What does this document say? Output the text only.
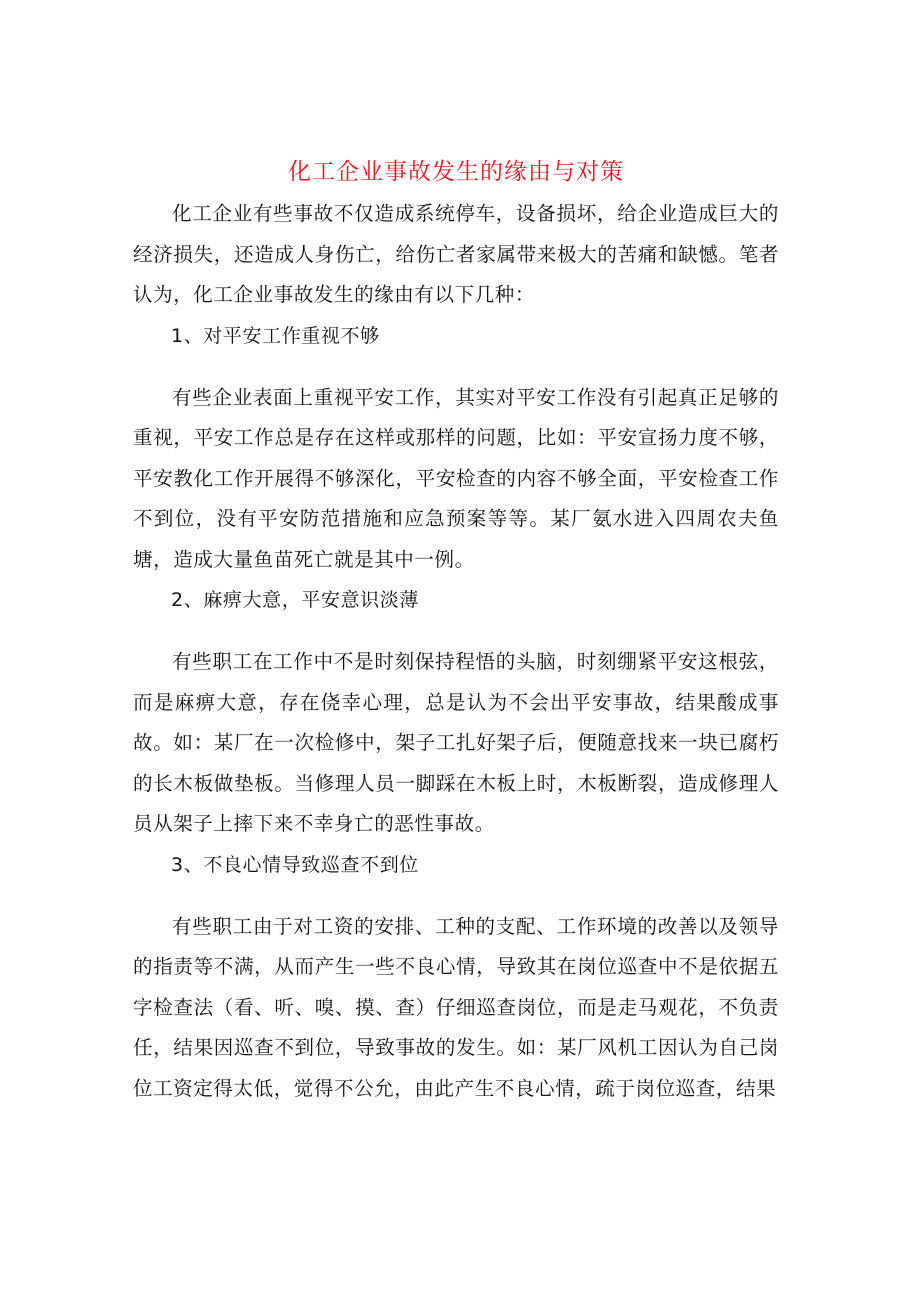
化工企业事故发生的缘由与对策

化工企业有些事故不仅造成系统停车，设备损坏，给企业造成巨大的经济损失，还造成人身伤亡，给伤亡者家属带来极大的苦痛和缺憾。笔者认为，化工企业事故发生的缘由有以下几种：

1、对平安工作重视不够

有些企业表面上重视平安工作，其实对平安工作没有引起真正足够的重视，平安工作总是存在这样或那样的问题，比如：平安宣扬力度不够，平安教化工作开展得不够深化，平安检查的内容不够全面，平安检查工作不到位，没有平安防范措施和应急预案等等。某厂氨水进入四周农夫鱼塘，造成大量鱼苗死亡就是其中一例。

2、麻痹大意，平安意识淡薄

有些职工在工作中不是时刻保持程悟的头脑，时刻绷紧平安这根弦，而是麻痹大意，存在侥幸心理，总是认为不会出平安事故，结果酸成事故。如：某厂在一次检修中，架子工扎好架子后，便随意找来一块已腐朽的长木板做垫板。当修理人员一脚踩在木板上时，木板断裂，造成修理人员从架子上摔下来不幸身亡的恶性事故。

3、不良心情导致巡查不到位

有些职工由于对工资的安排、工种的支配、工作环境的改善以及领导的指责等不满，从而产生一些不良心情，导致其在岗位巡查中不是依据五字检查法（看、听、嗅、摸、查）仔细巡查岗位，而是走马观花，不负责任，结果因巡查不到位，导致事故的发生。如：某厂风机工因认为自己岗位工资定得太低，觉得不公允，由此产生不良心情，疏于岗位巡查，结果
